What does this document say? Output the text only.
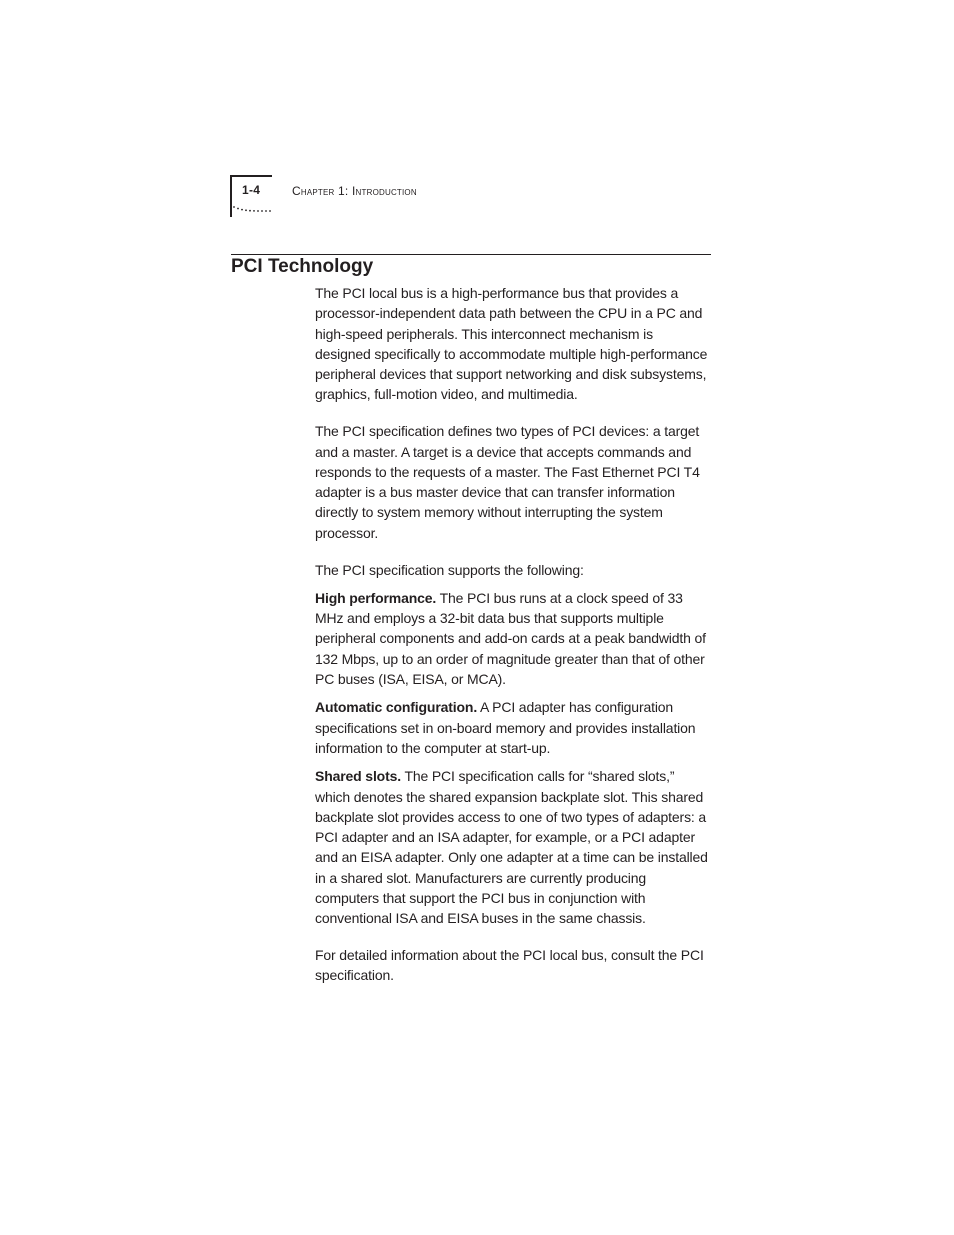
1-4	Chapter 1: Introduction
PCI Technology

The PCI local bus is a high-performance bus that provides a processor-independent data path between the CPU in a PC and high-speed peripherals. This interconnect mechanism is designed specifically to accommodate multiple high-performance peripheral devices that support networking and disk subsystems, graphics, full-motion video, and multimedia.

The PCI specification defines two types of PCI devices: a target and a master. A target is a device that accepts commands and responds to the requests of a master. The Fast Ethernet PCI T4 adapter is a bus master device that can transfer information directly to system memory without interrupting the system processor.

The PCI specification supports the following:

High performance. The PCI bus runs at a clock speed of 33 MHz and employs a 32-bit data bus that supports multiple peripheral components and add-on cards at a peak bandwidth of 132 Mbps, up to an order of magnitude greater than that of other PC buses (ISA, EISA, or MCA).

Automatic configuration. A PCI adapter has configuration specifications set in on-board memory and provides installation information to the computer at start-up.

Shared slots. The PCI specification calls for “shared slots,” which denotes the shared expansion backplate slot. This shared backplate slot provides access to one of two types of adapters: a PCI adapter and an ISA adapter, for example, or a PCI adapter and an EISA adapter. Only one adapter at a time can be installed in a shared slot. Manufacturers are currently producing computers that support the PCI bus in conjunction with conventional ISA and EISA buses in the same chassis.

For detailed information about the PCI local bus, consult the PCI specification.
